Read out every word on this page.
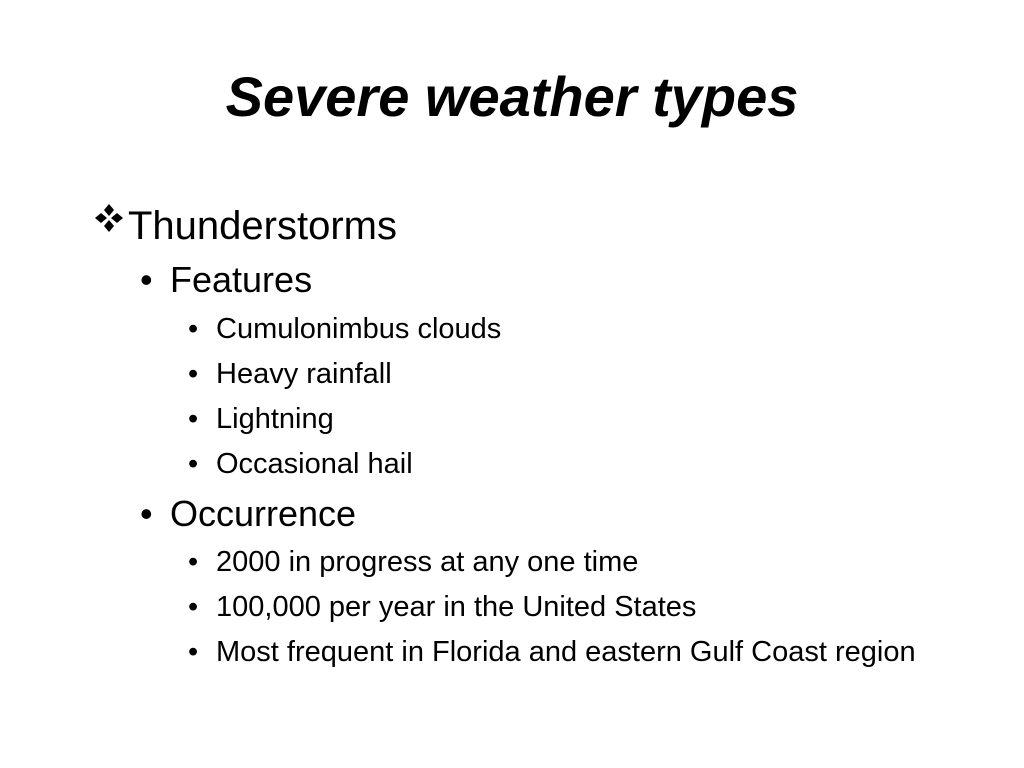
Severe weather types
Thunderstorms
• Features
• Cumulonimbus clouds
• Heavy rainfall
• Lightning
• Occasional hail
• Occurrence
• 2000 in progress at any one time
• 100,000 per year in the United States
• Most frequent in Florida and eastern Gulf Coast region
